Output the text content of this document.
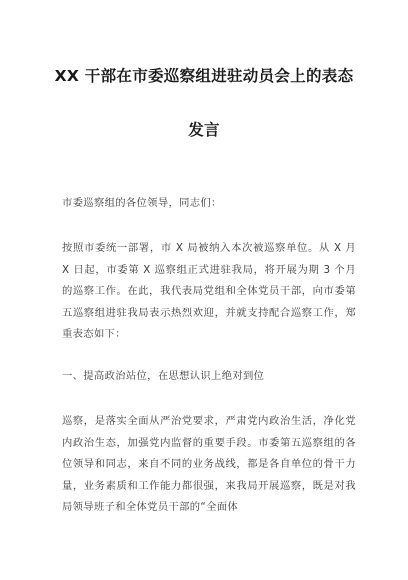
XX 干部在市委巡察组进驻动员会上的表态
发言

市委巡察组的各位领导，同志们：

按照市委统一部署，市 X 局被纳入本次被巡察单位。从 X 月 X 日起，市委第 X 巡察组正式进驻我局，将开展为期 3 个月的巡察工作。在此，我代表局党组和全体党员干部，向市委第五巡察组进驻我局表示热烈欢迎，并就支持配合巡察工作，郑重表态如下：

一、提高政治站位，在思想认识上绝对到位

巡察，是落实全面从严治党要求，严肃党内政治生活，净化党内政治生态，加强党内监督的重要手段。市委第五巡察组的各位领导和同志，来自不同的业务战线，都是各自单位的骨干力量，业务素质和工作能力都很强，来我局开展巡察，既是对我局领导班子和全体党员干部的“全面体
